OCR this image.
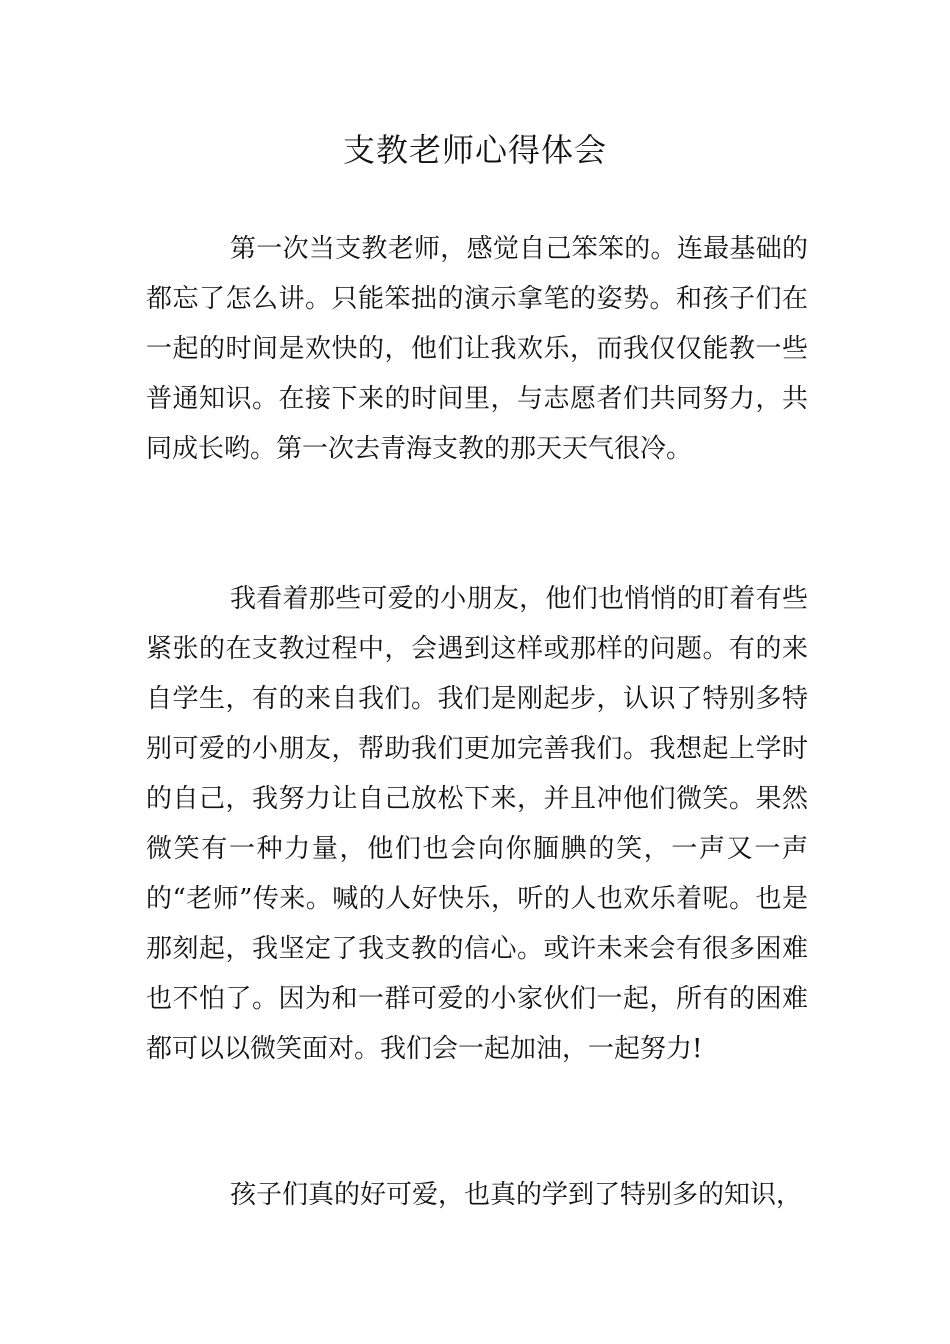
支教老师心得体会

第一次当支教老师，感觉自己笨笨的。连最基础的都忘了怎么讲。只能笨拙的演示拿笔的姿势。和孩子们在一起的时间是欢快的，他们让我欢乐，而我仅仅能教一些普通知识。在接下来的时间里，与志愿者们共同努力，共同成长哟。第一次去青海支教的那天天气很冷。

我看着那些可爱的小朋友，他们也悄悄的盯着有些紧张的在支教过程中，会遇到这样或那样的问题。有的来自学生，有的来自我们。我们是刚起步，认识了特别多特别可爱的小朋友，帮助我们更加完善我们。我想起上学时的自己，我努力让自己放松下来，并且冲他们微笑。果然微笑有一种力量，他们也会向你腼腆的笑，一声又一声的“老师”传来。喊的人好快乐，听的人也欢乐着呢。也是那刻起，我坚定了我支教的信心。或许未来会有很多困难也不怕了。因为和一群可爱的小家伙们一起，所有的困难都可以以微笑面对。我们会一起加油，一起努力!

孩子们真的好可爱，也真的学到了特别多的知识，
